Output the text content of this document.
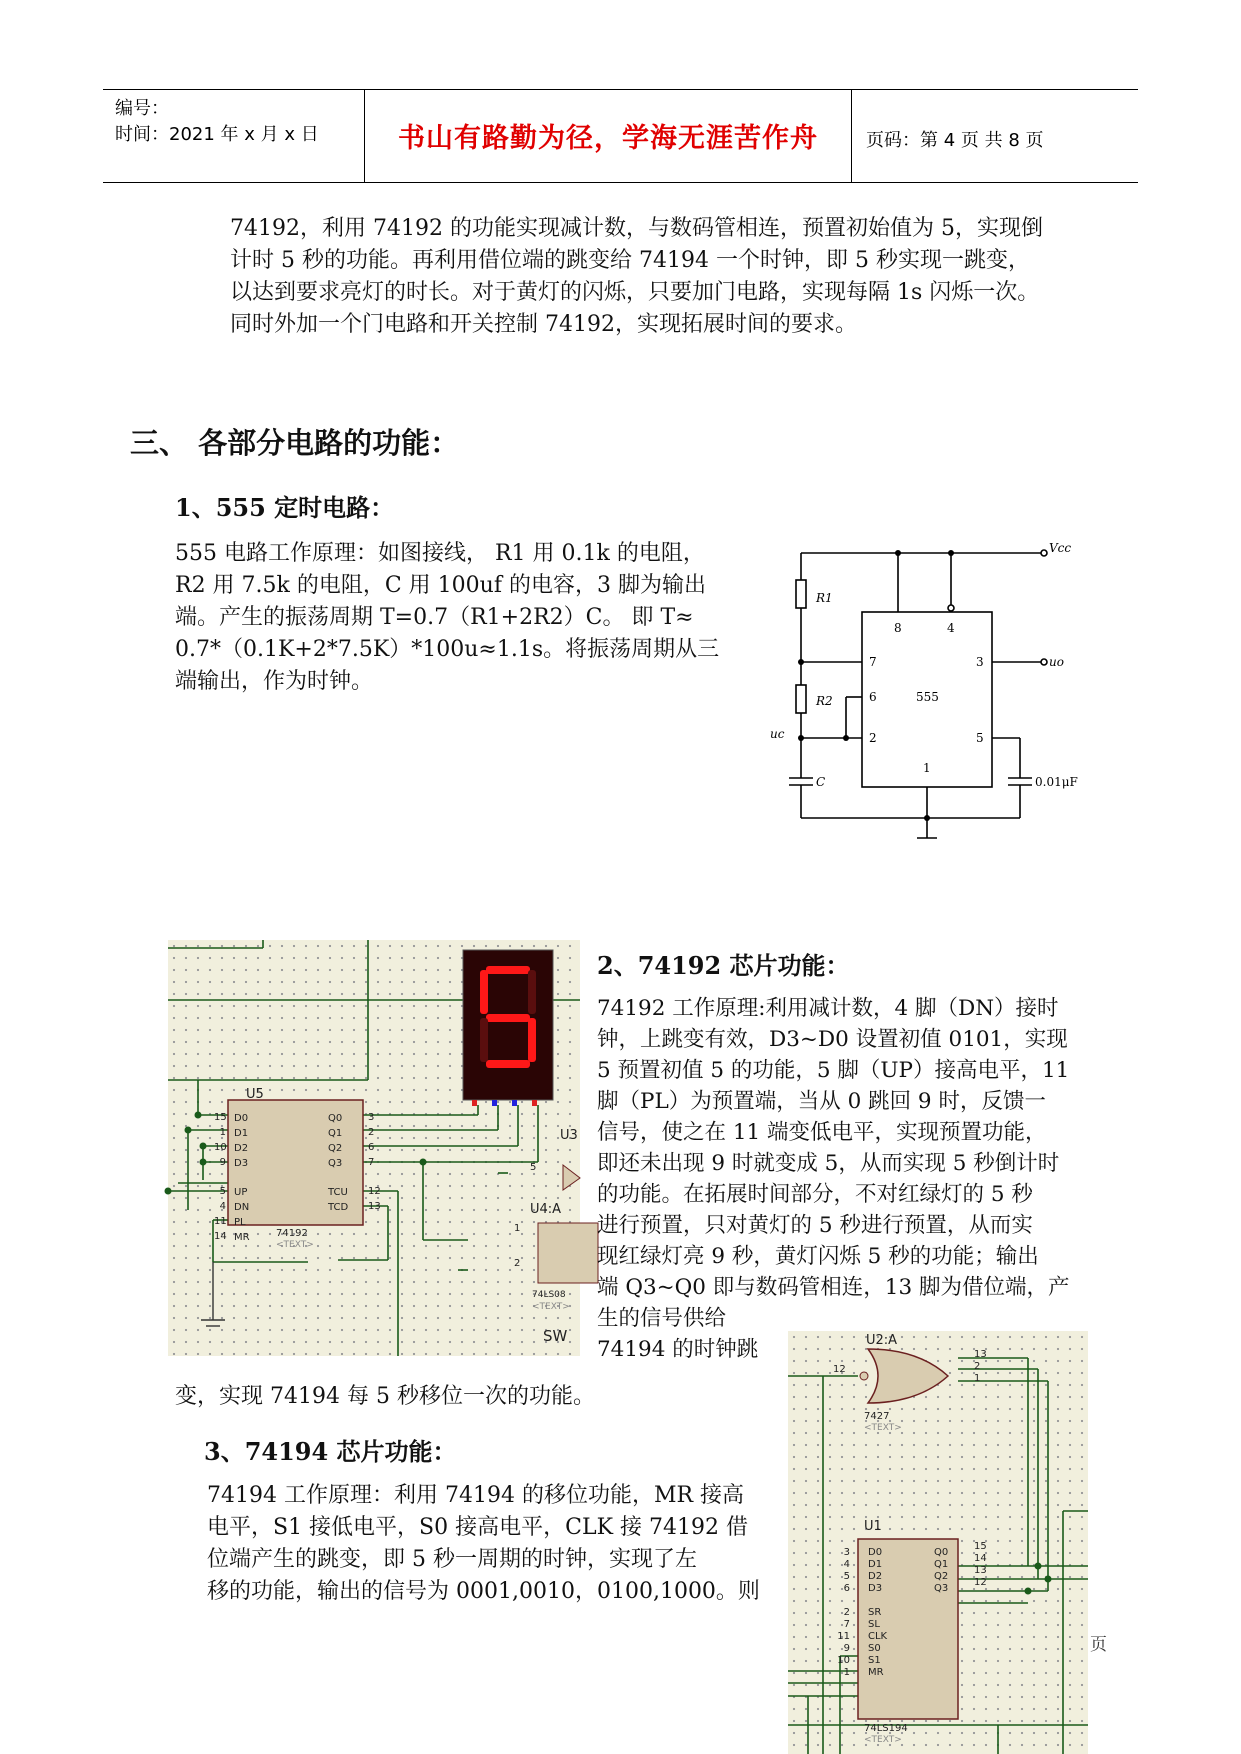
编号：
时间：2021 年 x 月 x 日	书山有路勤为径，学海无涯苦作舟	页码：第 4 页 共 8 页
74192，利用 74192 的功能实现减计数，与数码管相连，预置初始值为 5，实现倒
计时 5 秒的功能。再利用借位端的跳变给 74194 一个时钟，即 5 秒实现一跳变，
以达到要求亮灯的时长。对于黄灯的闪烁，只要加门电路，实现每隔 1s 闪烁一次。
同时外加一个门电路和开关控制 74192，实现拓展时间的要求。
三、 各部分电路的功能：
1、555 定时电路：
555 电路工作原理：如图接线， R1 用 0.1k 的电阻，
R2 用 7.5k 的电阻，C 用 100uf 的电容，3 脚为输出
端。产生的振荡周期 T=0.7（R1+2R2）C。 即 T≈
0.7*（0.1K+2*7.5K）*100u≈1.1s。将振荡周期从三
端输出，作为时钟。
Vcc
R1
R2	555
uo
uc
C	0.01μF
8	4
7	3
6
2	5
1
5
U5
15
1
10
9
5
4
11
14
D0
D1
D2
D3
UP
DN
PL
MR
Q0
Q1
Q2
Q3
TCU
TCD
3
2
6
7
12
13
74192
<TEXT>
U3
5
U4:A
1
2
74LS08
<TEXT>
SW
2、74192 芯片功能：
74192 工作原理:利用减计数，4 脚（DN）接时
钟，上跳变有效，D3~D0 设置初值 0101，实现
5 预置初值 5 的功能，5 脚（UP）接高电平，11
脚（PL）为预置端，当从 0 跳回 9 时，反馈一
信号，使之在 11 端变低电平，实现预置功能，
即还未出现 9 时就变成 5，从而实现 5 秒倒计时
的功能。在拓展时间部分，不对红绿灯的 5 秒
进行预置，只对黄灯的 5 秒进行预置，从而实
现红绿灯亮 9 秒，黄灯闪烁 5 秒的功能；输出
端 Q3~Q0 即与数码管相连，13 脚为借位端，产
生的信号供给
74194 的时钟跳
变，实现 74194 每 5 秒移位一次的功能。
3、74194 芯片功能：
74194 工作原理：利用 74194 的移位功能，MR 接高
电平，S1 接低电平，S0 接高电平，CLK 接 74192 借
位端产生的跳变，即 5 秒一周期的时钟，实现了左
移的功能，输出的信号为 0001,0010，0100,1000。则
U2:A
12
13
2
1
7427
<TEXT>
U1
3
4
5
6
2
7
11
9
10
1
D0
D1
D2
D3
SR
SL
CLK
S0
S1
MR
Q0
Q1
Q2
Q3
15
14
13
12
74LS194
<TEXT>
页
